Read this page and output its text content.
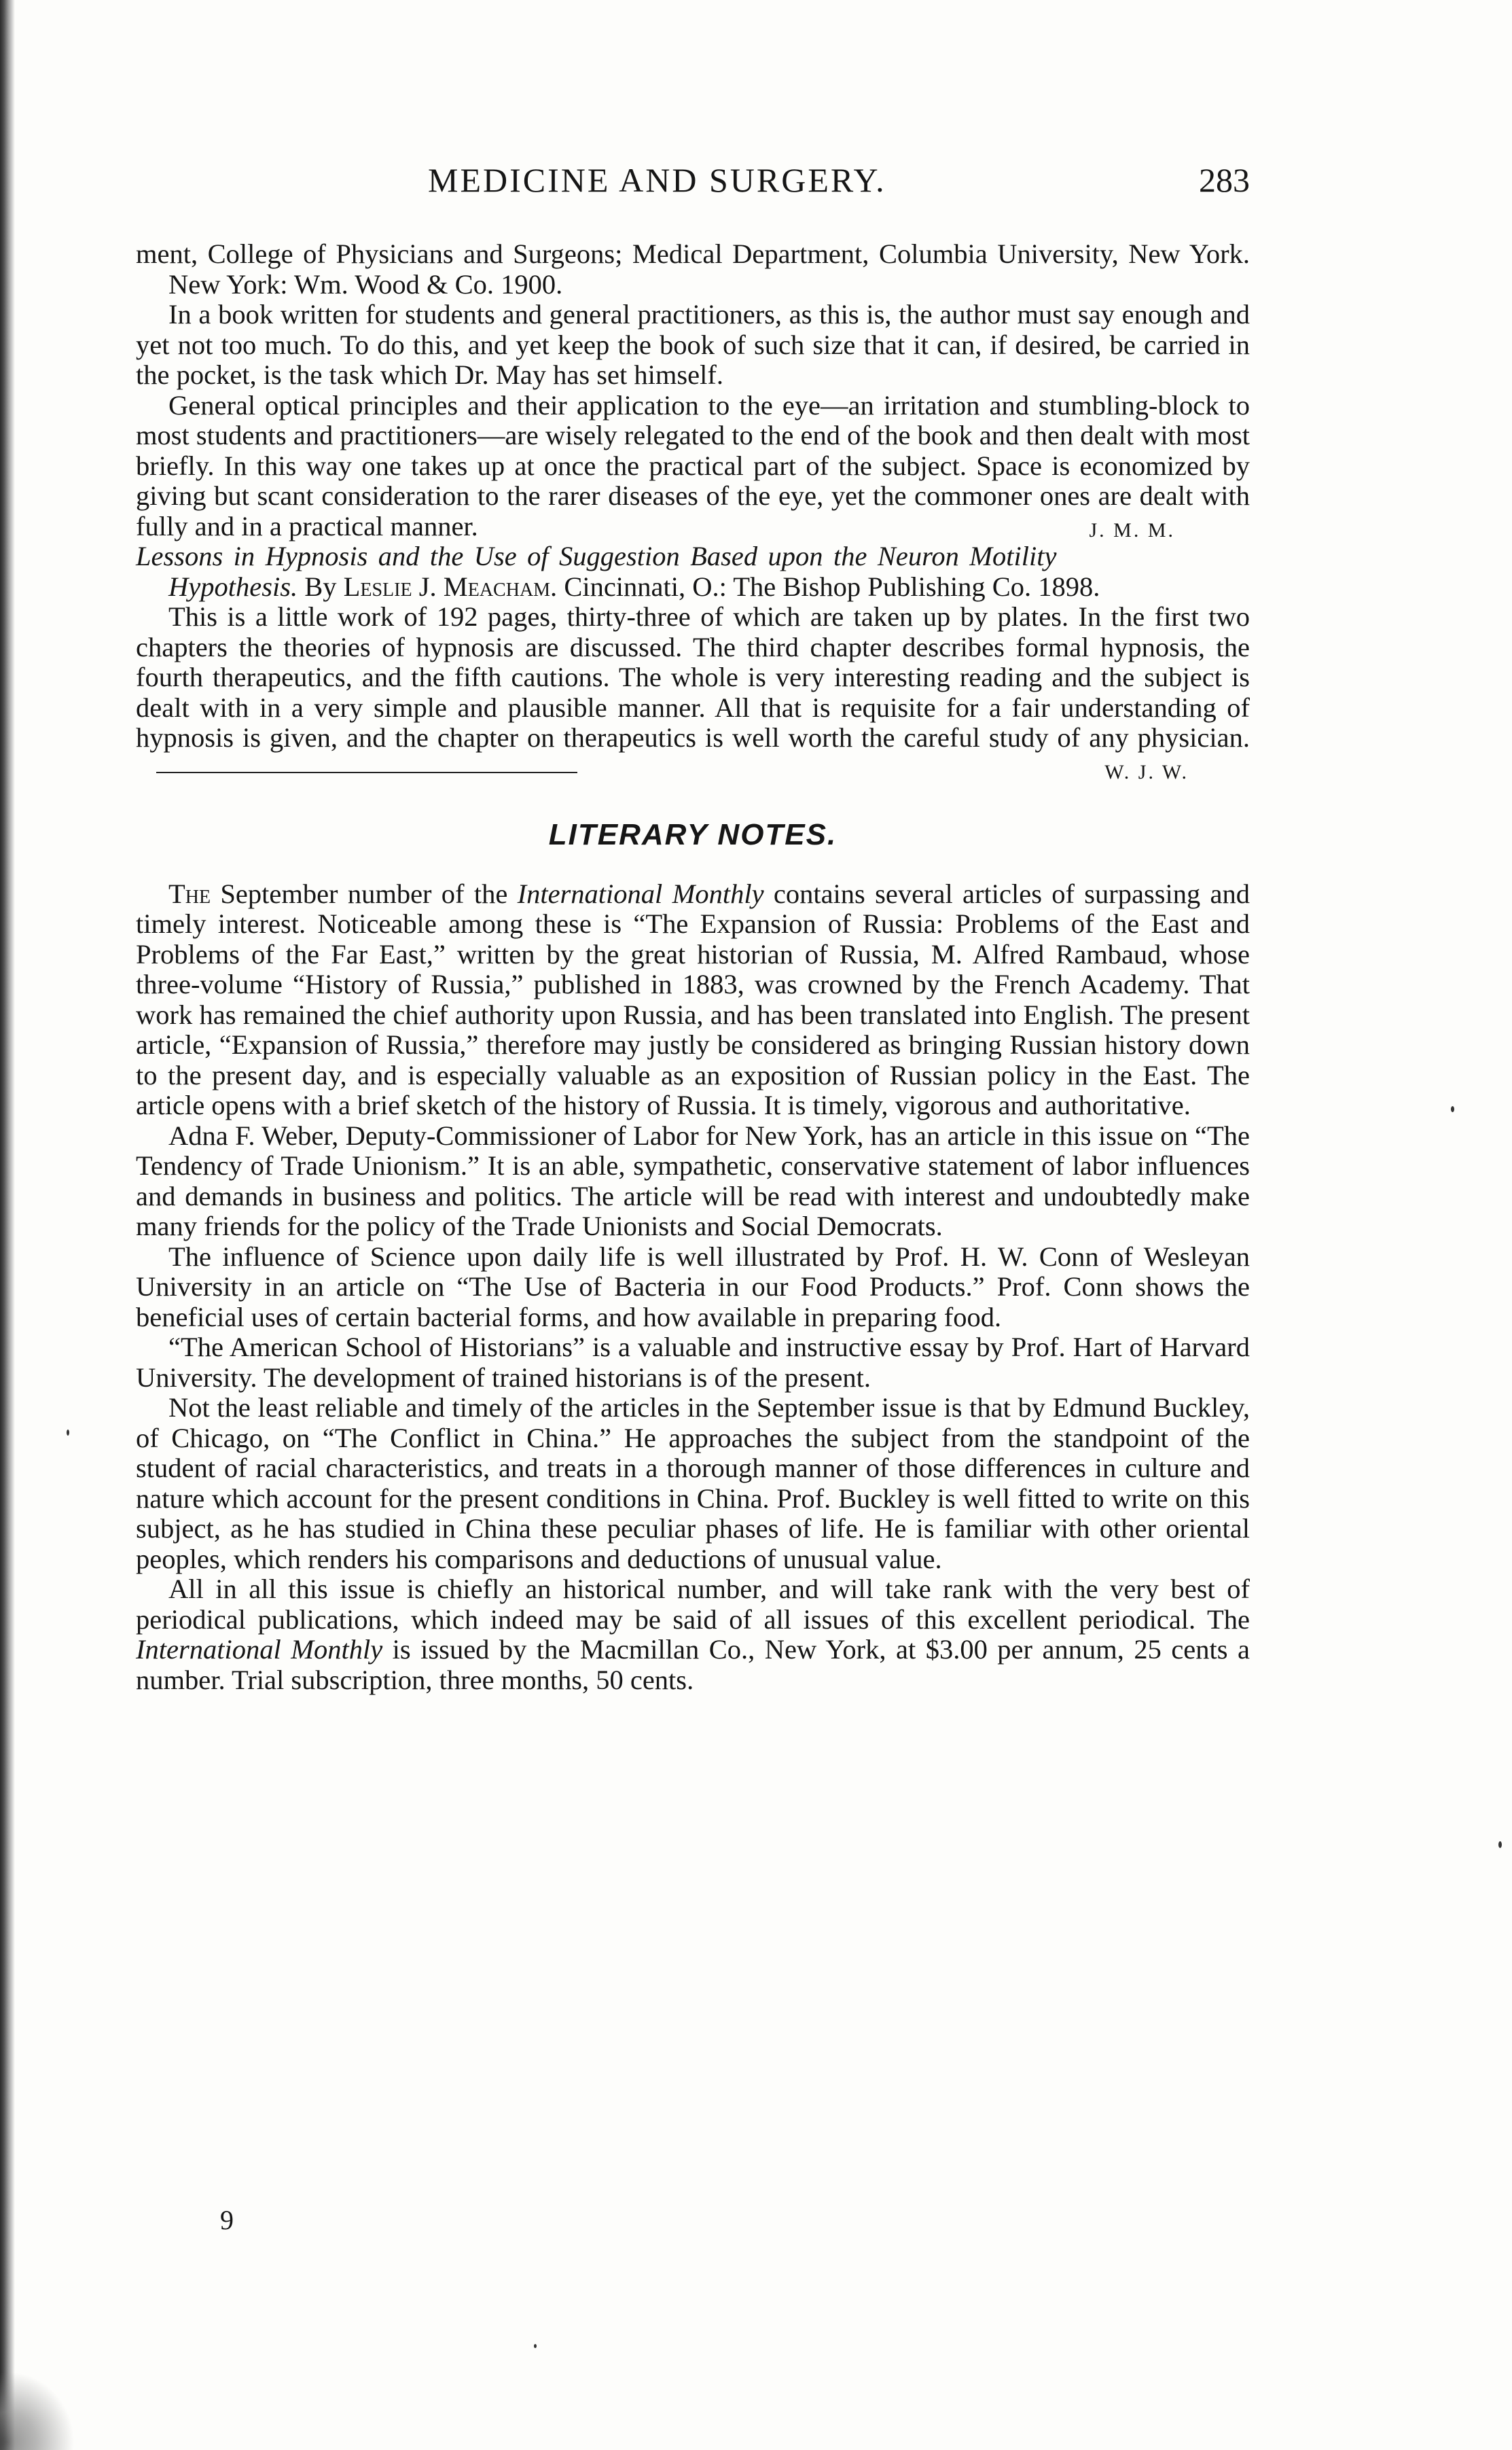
MEDICINE AND SURGERY.	283

ment, College of Physicians and Surgeons; Medical Department, Columbia University, New York. New York: Wm. Wood & Co. 1900.

In a book written for students and general practitioners, as this is, the author must say enough and yet not too much. To do this, and yet keep the book of such size that it can, if desired, be carried in the pocket, is the task which Dr. May has set himself.

General optical principles and their application to the eye—an irritation and stumbling-block to most students and practitioners—are wisely relegated to the end of the book and then dealt with most briefly. In this way one takes up at once the practical part of the subject. Space is economized by giving but scant consideration to the rarer diseases of the eye, yet the commoner ones are dealt with fully and in a practical manner.	J. M. M.

Lessons in Hypnosis and the Use of Suggestion Based upon the Neuron Motility Hypothesis. By Leslie J. Meacham. Cincinnati, O.: The Bishop Publishing Co. 1898.

This is a little work of 192 pages, thirty-three of which are taken up by plates. In the first two chapters the theories of hypnosis are discussed. The third chapter describes formal hypnosis, the fourth therapeutics, and the fifth cautions. The whole is very interesting reading and the subject is dealt with in a very simple and plausible manner. All that is requisite for a fair understanding of hypnosis is given, and the chapter on therapeutics is well worth the careful study of any physician.
W. J. W.

LITERARY NOTES.

The September number of the International Monthly contains several articles of surpassing and timely interest. Noticeable among these is “The Expansion of Russia: Problems of the East and Problems of the Far East,” written by the great historian of Russia, M. Alfred Rambaud, whose three-volume “History of Russia,” published in 1883, was crowned by the French Academy. That work has remained the chief authority upon Russia, and has been translated into English. The present article, “Expansion of Russia,” therefore may justly be considered as bringing Russian history down to the present day, and is especially valuable as an exposition of Russian policy in the East. The article opens with a brief sketch of the history of Russia. It is timely, vigorous and authoritative.

Adna F. Weber, Deputy-Commissioner of Labor for New York, has an article in this issue on “The Tendency of Trade Unionism.” It is an able, sympathetic, conservative statement of labor influences and demands in business and politics. The article will be read with interest and undoubtedly make many friends for the policy of the Trade Unionists and Social Democrats.

The influence of Science upon daily life is well illustrated by Prof. H. W. Conn of Wesleyan University in an article on “The Use of Bacteria in our Food Products.” Prof. Conn shows the beneficial uses of certain bacterial forms, and how available in preparing food.

“The American School of Historians” is a valuable and instructive essay by Prof. Hart of Harvard University. The development of trained historians is of the present.

Not the least reliable and timely of the articles in the September issue is that by Edmund Buckley, of Chicago, on “The Conflict in China.” He approaches the subject from the standpoint of the student of racial characteristics, and treats in a thorough manner of those differences in culture and nature which account for the present conditions in China. Prof. Buckley is well fitted to write on this subject, as he has studied in China these peculiar phases of life. He is familiar with other oriental peoples, which renders his comparisons and deductions of unusual value.

All in all this issue is chiefly an historical number, and will take rank with the very best of periodical publications, which indeed may be said of all issues of this excellent periodical. The International Monthly is issued by the Macmillan Co., New York, at $3.00 per annum, 25 cents a number. Trial subscription, three months, 50 cents.

9
